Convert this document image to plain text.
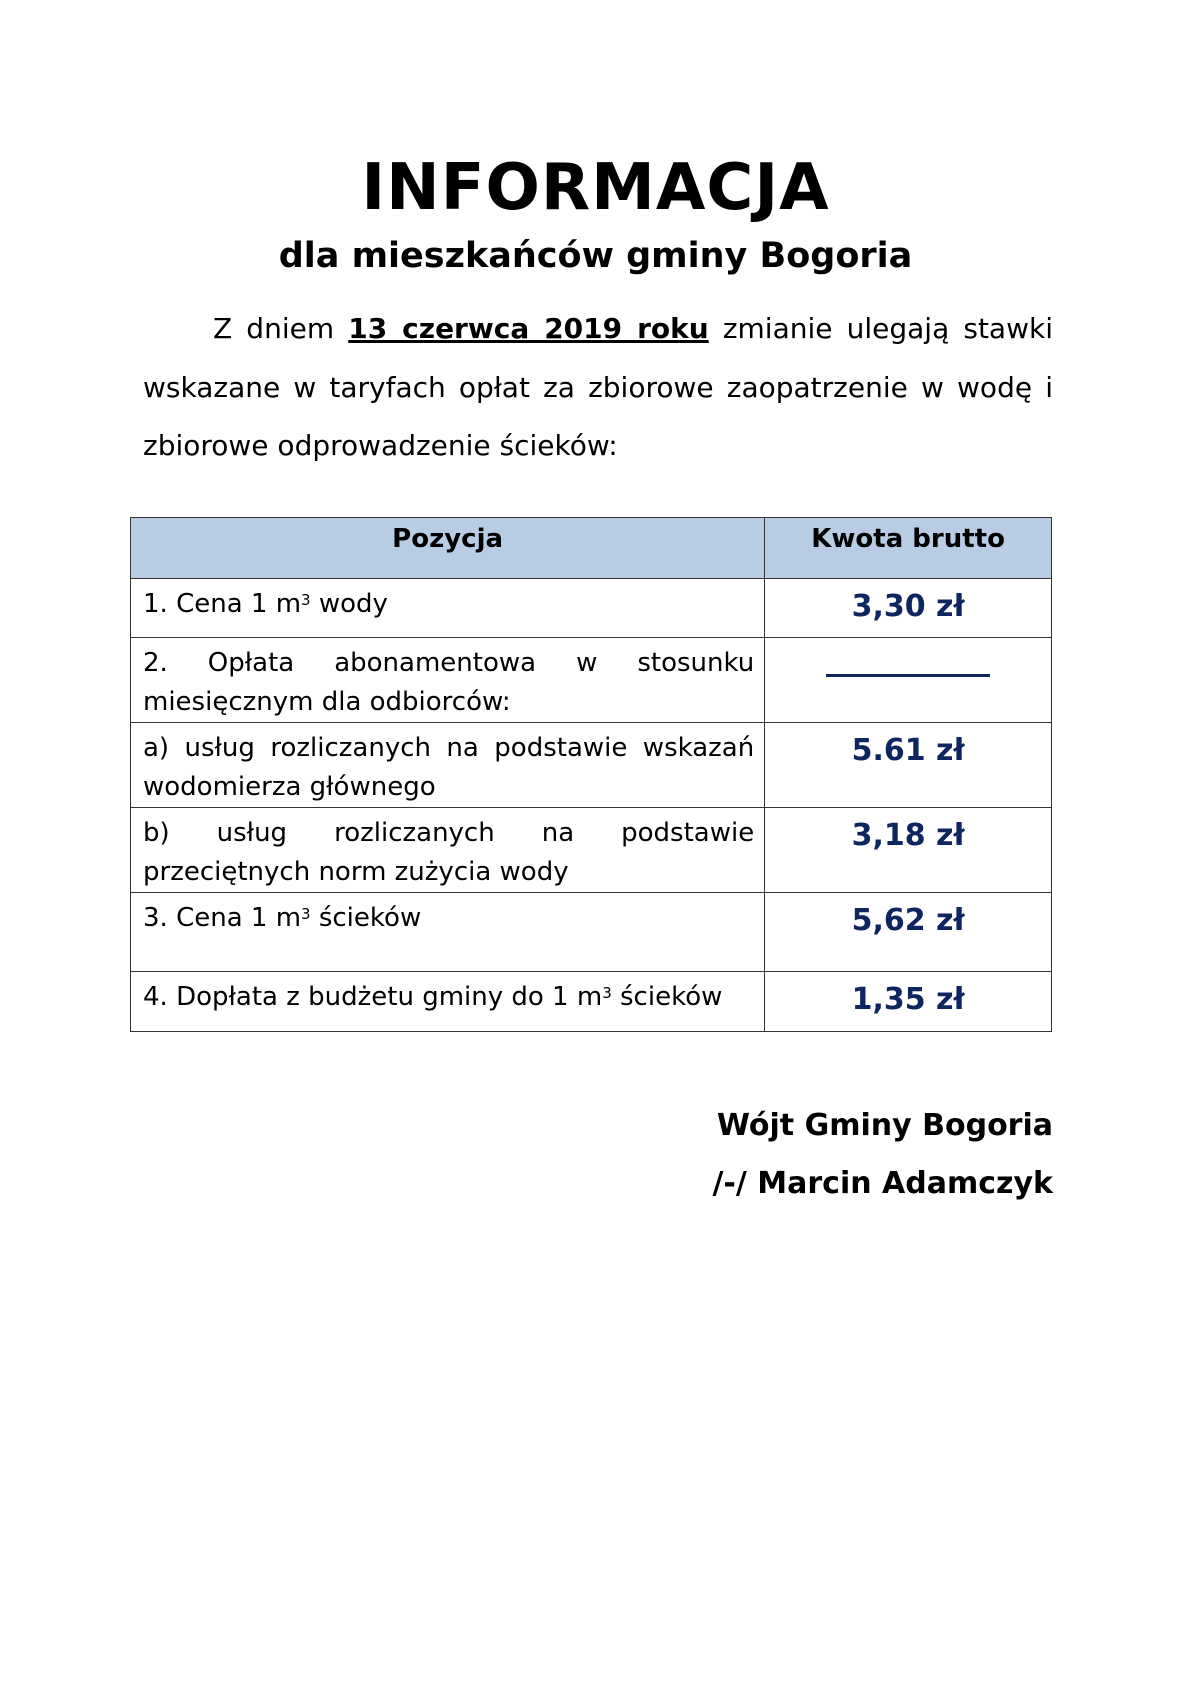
INFORMACJA
dla mieszkańców gminy Bogoria
Z dniem 13 czerwca 2019 roku zmianie ulegają stawki wskazane w taryfach opłat za zbiorowe zaopatrzenie w wodę i zbiorowe odprowadzenie ścieków:
Pozycja	Kwota brutto
1. Cena 1 $m^3$ wody	3,30 zł
2. Opłata abonamentowa w stosunku miesięcznym dla odbiorców:	
a) usług rozliczanych na podstawie wskazań wodomierza głównego	5.61 zł
b) usług rozliczanych na podstawie przeciętnych norm zużycia wody	3,18 zł
3. Cena 1 $m^3$ ścieków	5,62 zł
4. Dopłata z budżetu gminy do 1 $m^3$ ścieków	1,35 zł
Wójt Gminy Bogoria
/-/ Marcin Adamczyk
